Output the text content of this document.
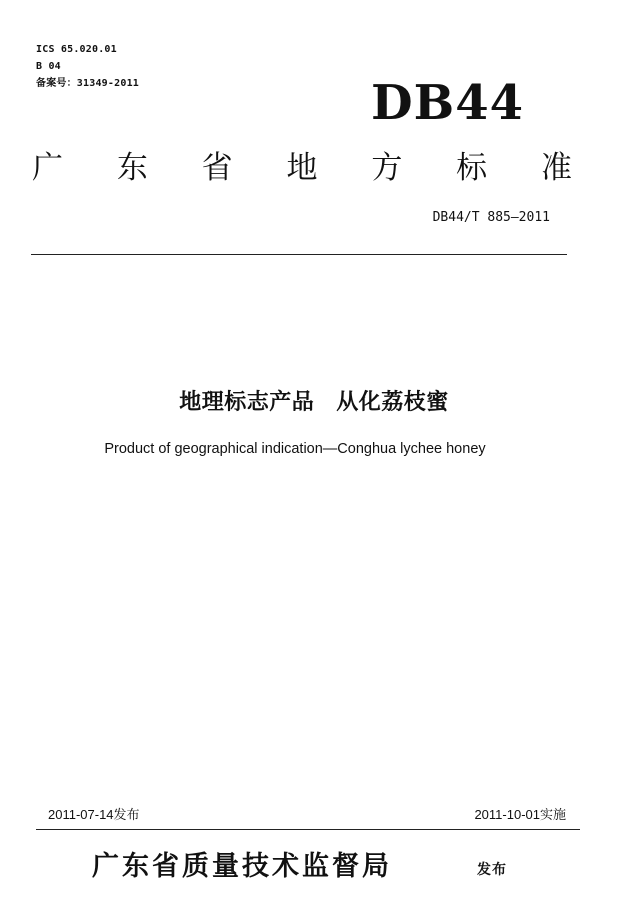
ICS 65.020.01
B 04
备案号：31349-2011	DB44
广 东 省 地 方 标 准
DB44/T 885—2011
地理标志产品 从化荔枝蜜
Product of geographical indication—Conghua lychee honey
2011-07-14发布	2011-10-01实施
广东省质量技术监督局	发布
